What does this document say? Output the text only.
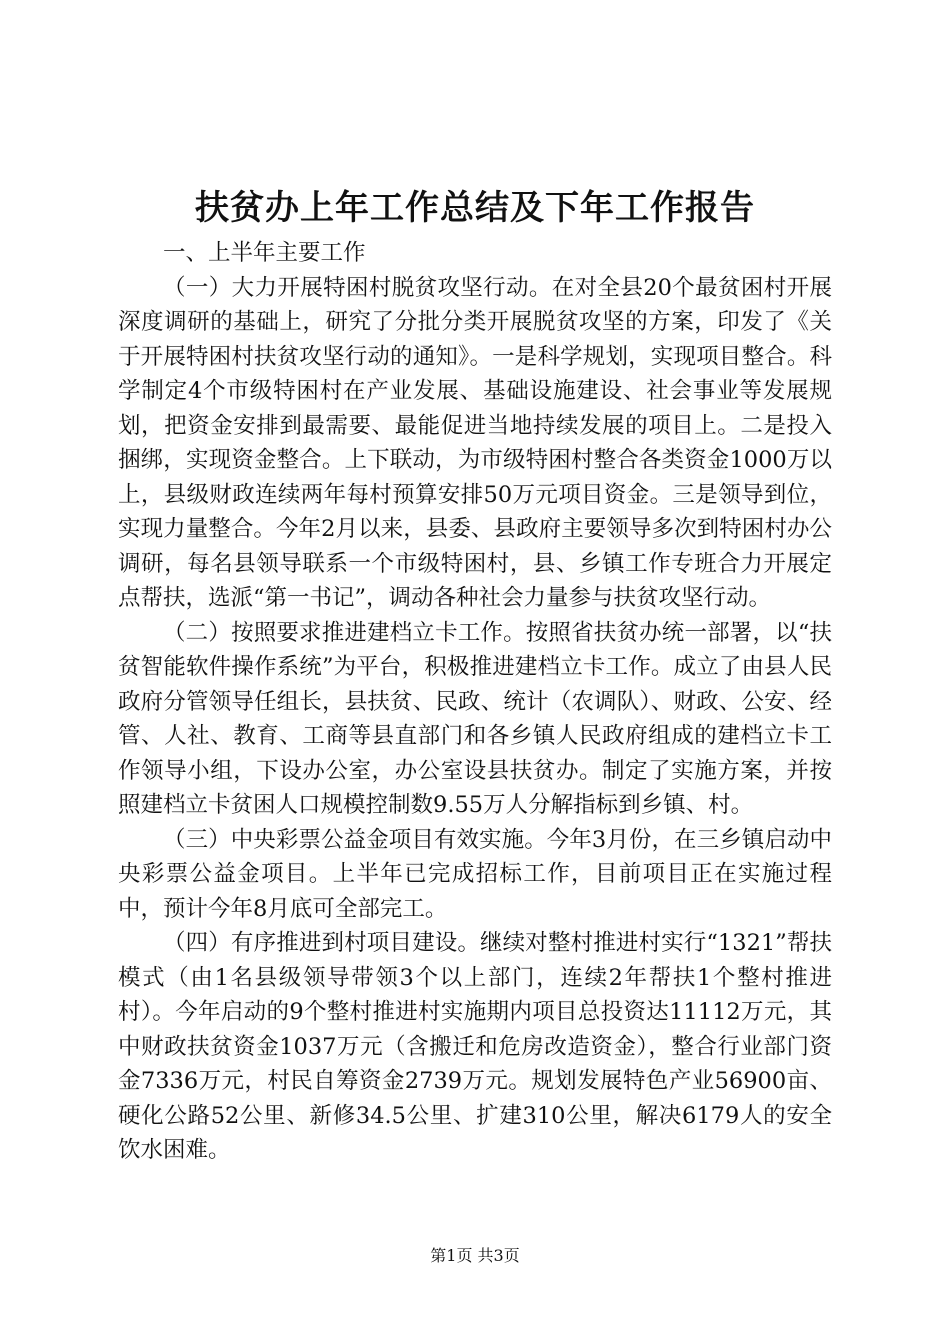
扶贫办上年工作总结及下年工作报告

一、上半年主要工作

（一）大力开展特困村脱贫攻坚行动。在对全县20个最贫困村开展深度调研的基础上，研究了分批分类开展脱贫攻坚的方案，印发了《关于开展特困村扶贫攻坚行动的通知》。一是科学规划，实现项目整合。科学制定4个市级特困村在产业发展、基础设施建设、社会事业等发展规划，把资金安排到最需要、最能促进当地持续发展的项目上。二是投入捆绑，实现资金整合。上下联动，为市级特困村整合各类资金1000万以上，县级财政连续两年每村预算安排50万元项目资金。三是领导到位，实现力量整合。今年2月以来，县委、县政府主要领导多次到特困村办公调研，每名县领导联系一个市级特困村，县、乡镇工作专班合力开展定点帮扶，选派“第一书记”，调动各种社会力量参与扶贫攻坚行动。

（二）按照要求推进建档立卡工作。按照省扶贫办统一部署，以“扶贫智能软件操作系统”为平台，积极推进建档立卡工作。成立了由县人民政府分管领导任组长，县扶贫、民政、统计（农调队）、财政、公安、经管、人社、教育、工商等县直部门和各乡镇人民政府组成的建档立卡工作领导小组，下设办公室，办公室设县扶贫办。制定了实施方案，并按照建档立卡贫困人口规模控制数9.55万人分解指标到乡镇、村。

（三）中央彩票公益金项目有效实施。今年3月份，在三乡镇启动中央彩票公益金项目。上半年已完成招标工作，目前项目正在实施过程中，预计今年8月底可全部完工。

（四）有序推进到村项目建设。继续对整村推进村实行“1321”帮扶模式（由1名县级领导带领3个以上部门，连续2年帮扶1个整村推进村）。今年启动的9个整村推进村实施期内项目总投资达11112万元，其中财政扶贫资金1037万元（含搬迁和危房改造资金），整合行业部门资金7336万元，村民自筹资金2739万元。规划发展特色产业56900亩、硬化公路52公里、新修34.5公里、扩建310公里，解决6179人的安全饮水困难。

第1页 共3页
